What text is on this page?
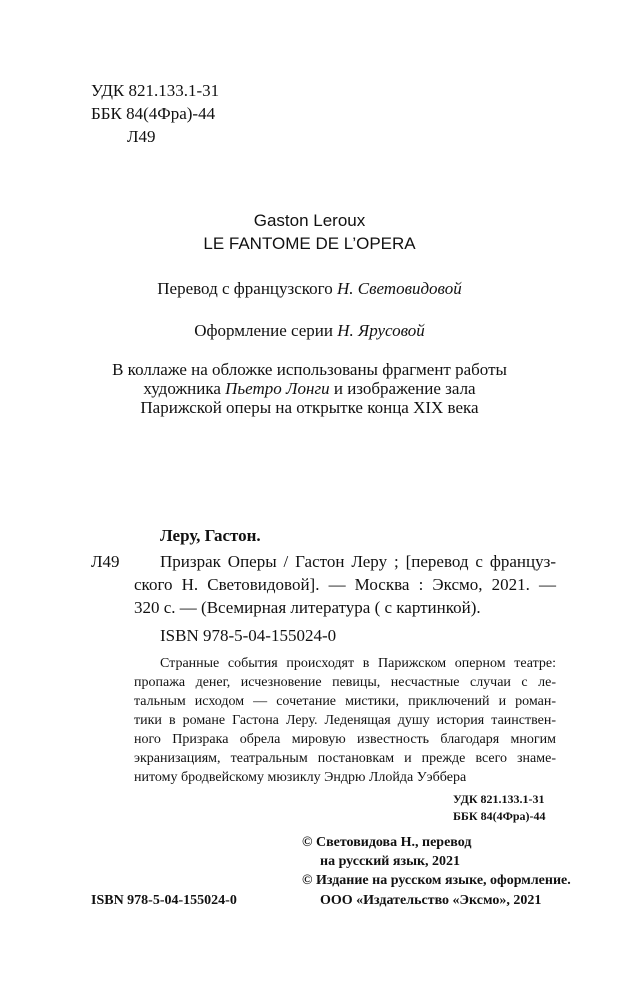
УДК 821.133.1-31
ББК 84(4Фра)-44
Л49
Gaston Leroux
LE FANTOME DE L’OPERA
Перевод с французского Н. Световидовой
Оформление серии Н. Ярусовой
В коллаже на обложке использованы фрагмент работы
художника Пьетро Лонги и изображение зала
Парижской оперы на открытке конца XIX века
Леру, Гастон.
Л49 Призрак Оперы / Гастон Леру ; [перевод с француз-
ского Н. Световидовой]. — Москва : Эксмо, 2021. —
320 с. — (Всемирная литература ( с картинкой).
ISBN 978-5-04-155024-0
Странные события происходят в Парижском оперном театре:
пропажа денег, исчезновение певицы, несчастные случаи с ле-
тальным исходом — сочетание мистики, приключений и роман-
тики в романе Гастона Леру. Леденящая душу история таинствен-
ного Призрака обрела мировую известность благодаря многим
экранизациям, театральным постановкам и прежде всего знаме-
нитому бродвейскому мюзиклу Эндрю Ллойда Уэббера
УДК 821.133.1-31
ББК 84(4Фра)-44
© Световидова Н., перевод
на русский язык, 2021
© Издание на русском языке, оформление.
ISBN 978-5-04-155024-0	ООО «Издательство «Эксмо», 2021
